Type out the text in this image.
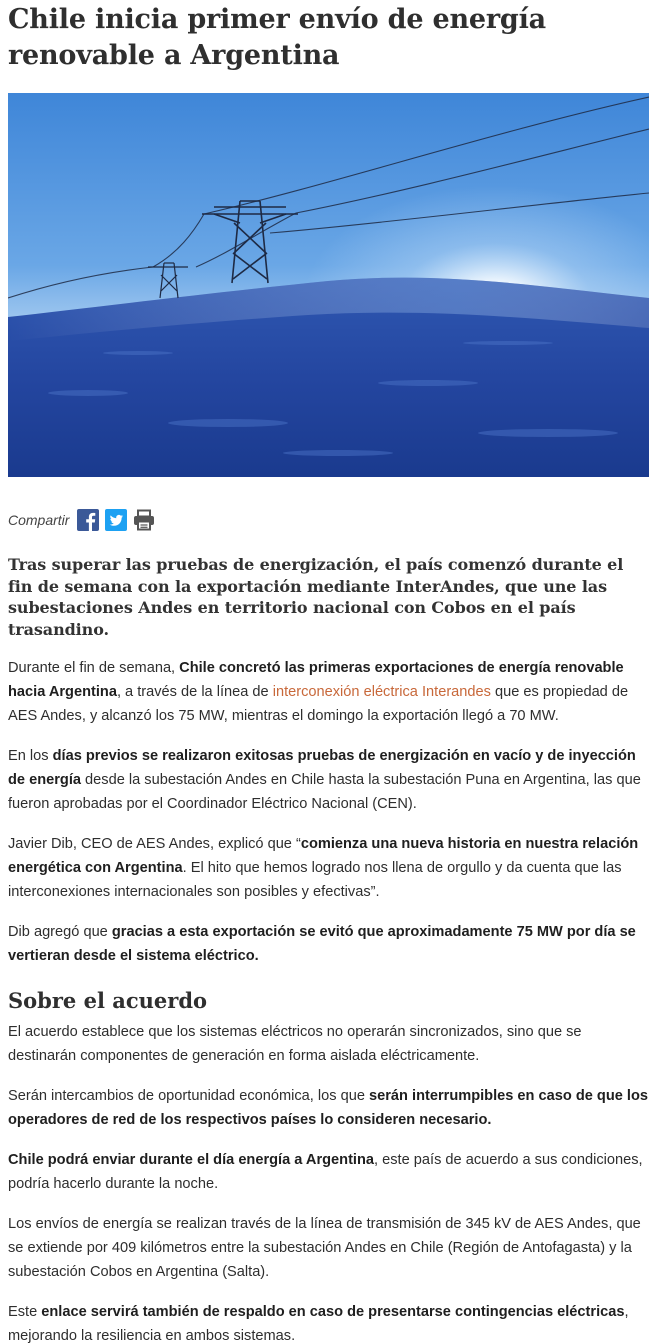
Chile inicia primer envío de energía renovable a Argentina
Compartir

Tras superar las pruebas de energización, el país comenzó durante el fin de semana con la exportación mediante InterAndes, que une las subestaciones Andes en territorio nacional con Cobos en el país trasandino.

Durante el fin de semana, Chile concretó las primeras exportaciones de energía renovable hacia Argentina, a través de la línea de interconexión eléctrica Interandes que es propiedad de AES Andes, y alcanzó los 75 MW, mientras el domingo la exportación llegó a 70 MW.

En los días previos se realizaron exitosas pruebas de energización en vacío y de inyección de energía desde la subestación Andes en Chile hasta la subestación Puna en Argentina, las que fueron aprobadas por el Coordinador Eléctrico Nacional (CEN).

Javier Dib, CEO de AES Andes, explicó que “comienza una nueva historia en nuestra relación energética con Argentina. El hito que hemos logrado nos llena de orgullo y da cuenta que las interconexiones internacionales son posibles y efectivas”.

Dib agregó que gracias a esta exportación se evitó que aproximadamente 75 MW por día se vertieran desde el sistema eléctrico.

Sobre el acuerdo

El acuerdo establece que los sistemas eléctricos no operarán sincronizados, sino que se destinarán componentes de generación en forma aislada eléctricamente.

Serán intercambios de oportunidad económica, los que serán interrumpibles en caso de que los operadores de red de los respectivos países lo consideren necesario.

Chile podrá enviar durante el día energía a Argentina, este país de acuerdo a sus condiciones, podría hacerlo durante la noche.

Los envíos de energía se realizan través de la línea de transmisión de 345 kV de AES Andes, que se extiende por 409 kilómetros entre la subestación Andes en Chile (Región de Antofagasta) y la subestación Cobos en Argentina (Salta).

Este enlace servirá también de respaldo en caso de presentarse contingencias eléctricas, mejorando la resiliencia en ambos sistemas.
